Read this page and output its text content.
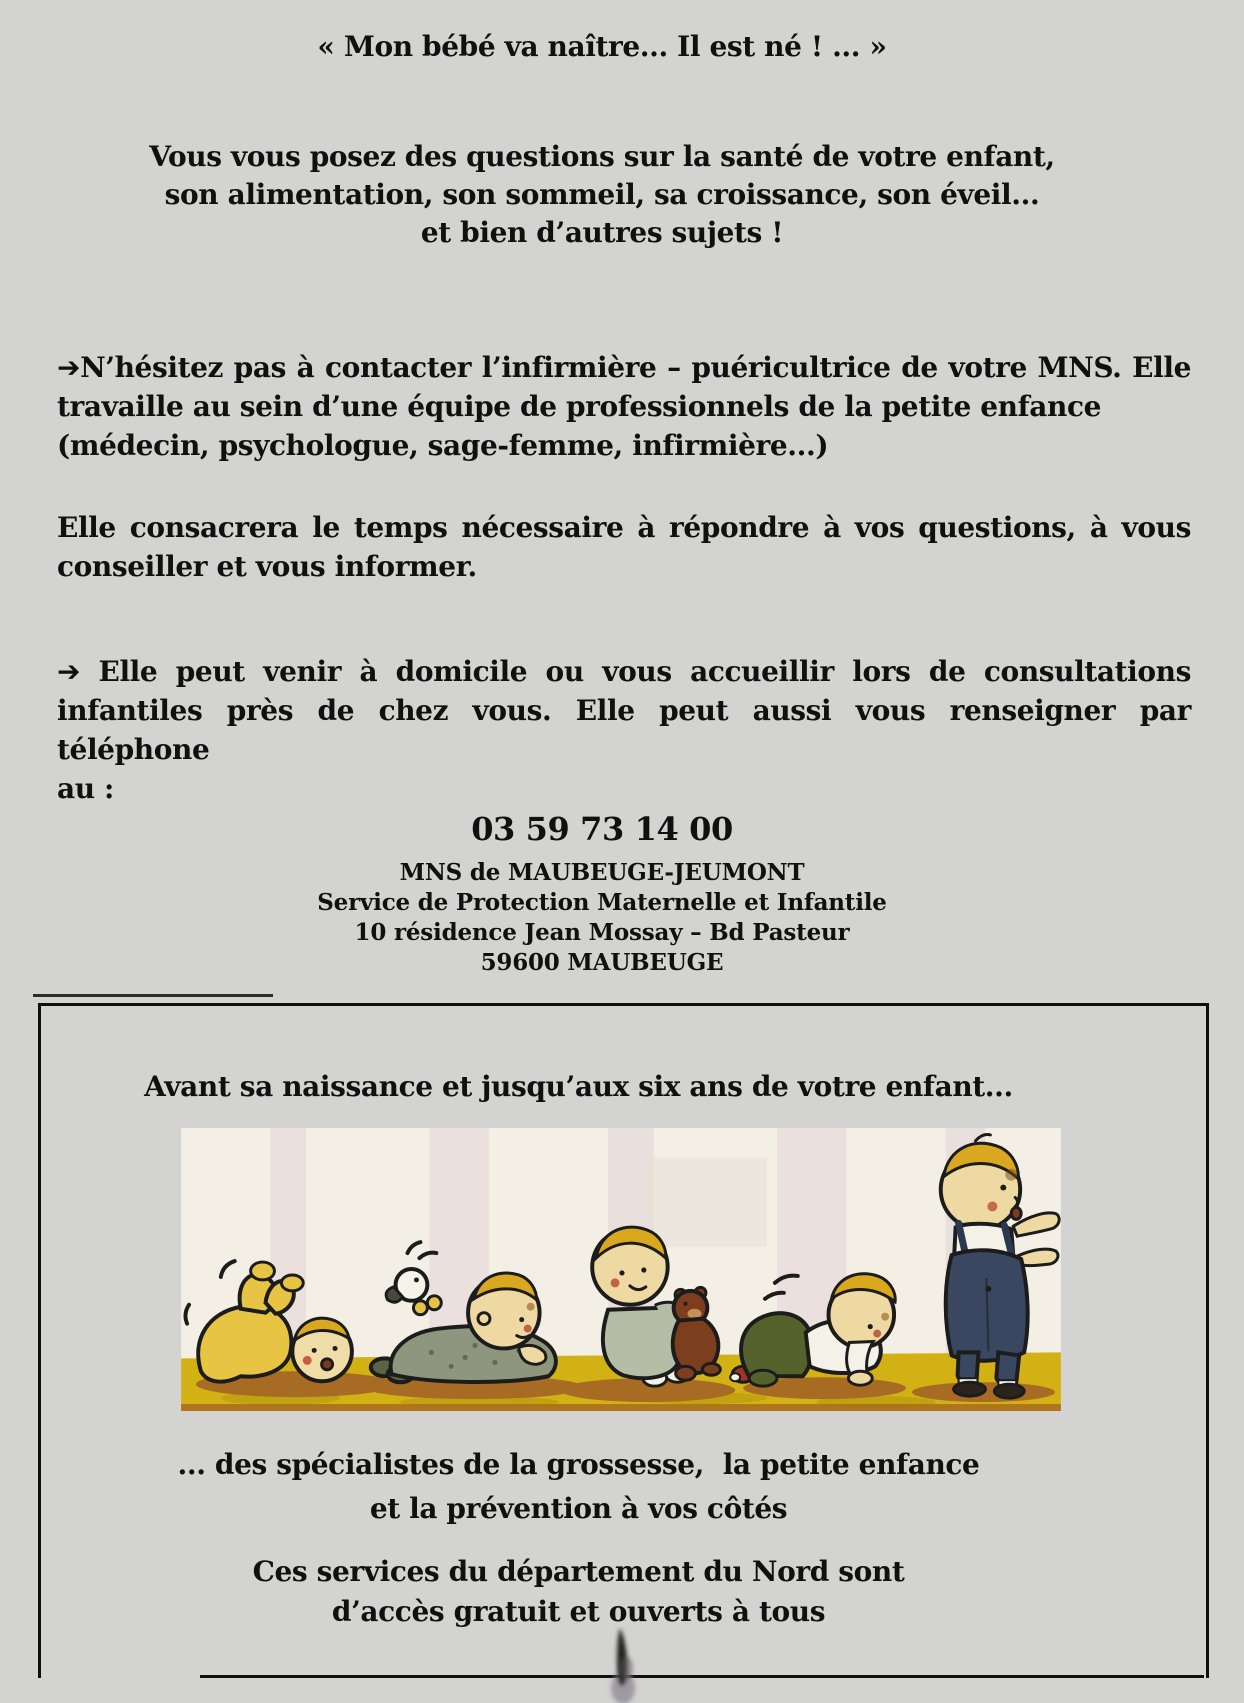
« Mon bébé va naître... Il est né ! ... »
Vous vous posez des questions sur la santé de votre enfant,
son alimentation, son sommeil, sa croissance, son éveil...
et bien d’autres sujets !
➔N’hésitez pas à contacter l’infirmière – puéricultrice de votre MNS. Elle
travaille au sein d’une équipe de professionnels de la petite enfance
(médecin, psychologue, sage-femme, infirmière...)
Elle consacrera le temps nécessaire à répondre à vos questions, à vous
conseiller et vous informer.
➔ Elle peut venir à domicile ou vous accueillir lors de consultations
infantiles près de chez vous. Elle peut aussi vous renseigner par téléphone
au :
03 59 73 14 00
MNS de MAUBEUGE-JEUMONT
Service de Protection Maternelle et Infantile
10 résidence Jean Mossay – Bd Pasteur
59600 MAUBEUGE
Avant sa naissance et jusqu’aux six ans de votre enfant...
... des spécialistes de la grossesse,  la petite enfance
et la prévention à vos côtés
Ces services du département du Nord sont
d’accès gratuit et ouverts à tous
